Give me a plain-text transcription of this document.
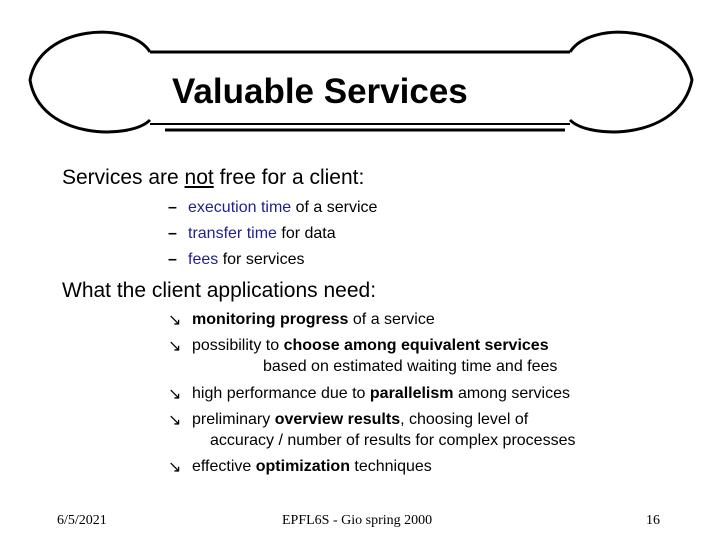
Valuable Services

Services are not free for a client:

– execution time of a service
– transfer time for data
– fees for services

What the client applications need:

↘ monitoring progress of a service
↘ possibility to choose among equivalent services
based on estimated waiting time and fees
↘ high performance due to parallelism among services
↘ preliminary overview results, choosing level of
accuracy / number of results for complex processes
↘ effective optimization techniques
6/5/2021	EPFL6S - Gio spring 2000	16
